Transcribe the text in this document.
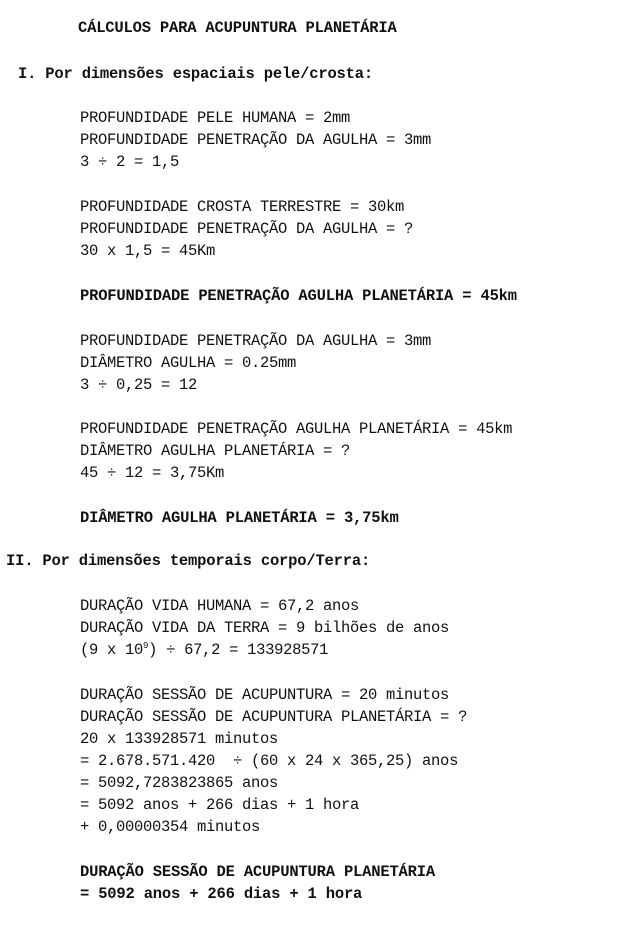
CÁLCULOS PARA ACUPUNTURA PLANETÁRIA
I. Por dimensões espaciais pele/crosta:
PROFUNDIDADE PELE HUMANA = 2mm
PROFUNDIDADE PENETRAÇÃO DA AGULHA = 3mm
3 ÷ 2 = 1,5
PROFUNDIDADE CROSTA TERRESTRE = 30km
PROFUNDIDADE PENETRAÇÃO DA AGULHA = ?
30 x 1,5 = 45Km
PROFUNDIDADE PENETRAÇÃO AGULHA PLANETÁRIA = 45km
PROFUNDIDADE PENETRAÇÃO DA AGULHA = 3mm
DIÂMETRO AGULHA = 0.25mm
3 ÷ 0,25 = 12
PROFUNDIDADE PENETRAÇÃO AGULHA PLANETÁRIA = 45km
DIÂMETRO AGULHA PLANETÁRIA = ?
45 ÷ 12 = 3,75Km
DIÂMETRO AGULHA PLANETÁRIA = 3,75km
II. Por dimensões temporais corpo/Terra:
DURAÇÃO VIDA HUMANA = 67,2 anos
DURAÇÃO VIDA DA TERRA = 9 bilhões de anos
(9 x $10^9) \div 67,2 = 133928571$
DURAÇÃO SESSÃO DE ACUPUNTURA = 20 minutos
DURAÇÃO SESSÃO DE ACUPUNTURA PLANETÁRIA = ?
20 x 133928571 minutos
= 2.678.571.420  ÷ (60 x 24 x 365,25) anos
= 5092,7283823865 anos
= 5092 anos + 266 dias + 1 hora
+ 0,00000354 minutos
DURAÇÃO SESSÃO DE ACUPUNTURA PLANETÁRIA
= 5092 anos + 266 dias + 1 hora
